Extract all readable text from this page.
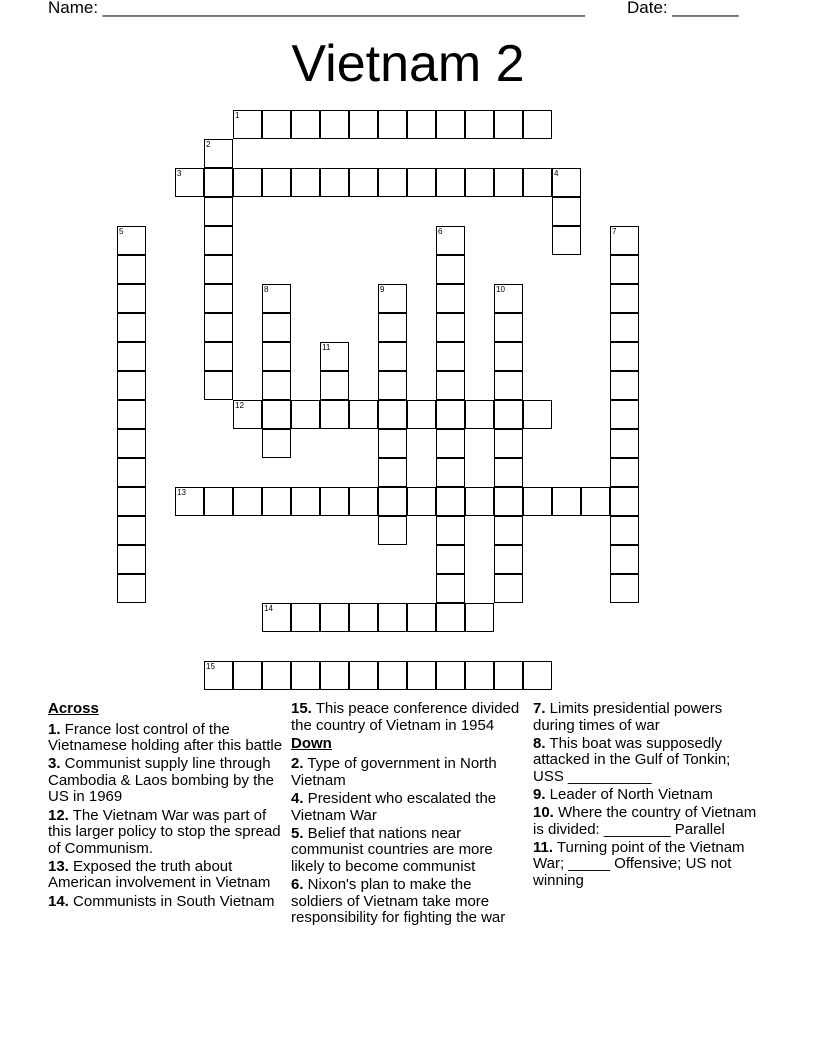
Name: ___________________________________________________ Date: _______
Vietnam 2
1
2
3	4
5	6	7
8	9	10
11
12
13
14
15
Across
1. France lost control of the Vietnamese holding after this battle
3. Communist supply line through Cambodia & Laos bombing by the US in 1969
12. The Vietnam War was part of this larger policy to stop the spread of Communism.
13. Exposed the truth about American involvement in Vietnam
14. Communists in South Vietnam
15. This peace conference divided the country of Vietnam in 1954
Down
2. Type of government in North Vietnam
4. President who escalated the Vietnam War
5. Belief that nations near communist countries are more likely to become communist
6. Nixon's plan to make the soldiers of Vietnam take more responsibility for fighting the war
7. Limits presidential powers during times of war
8. This boat was supposedly attacked in the Gulf of Tonkin; USS __________
9. Leader of North Vietnam
10. Where the country of Vietnam is divided: ________ Parallel
11. Turning point of the Vietnam War; _____ Offensive; US not winning
